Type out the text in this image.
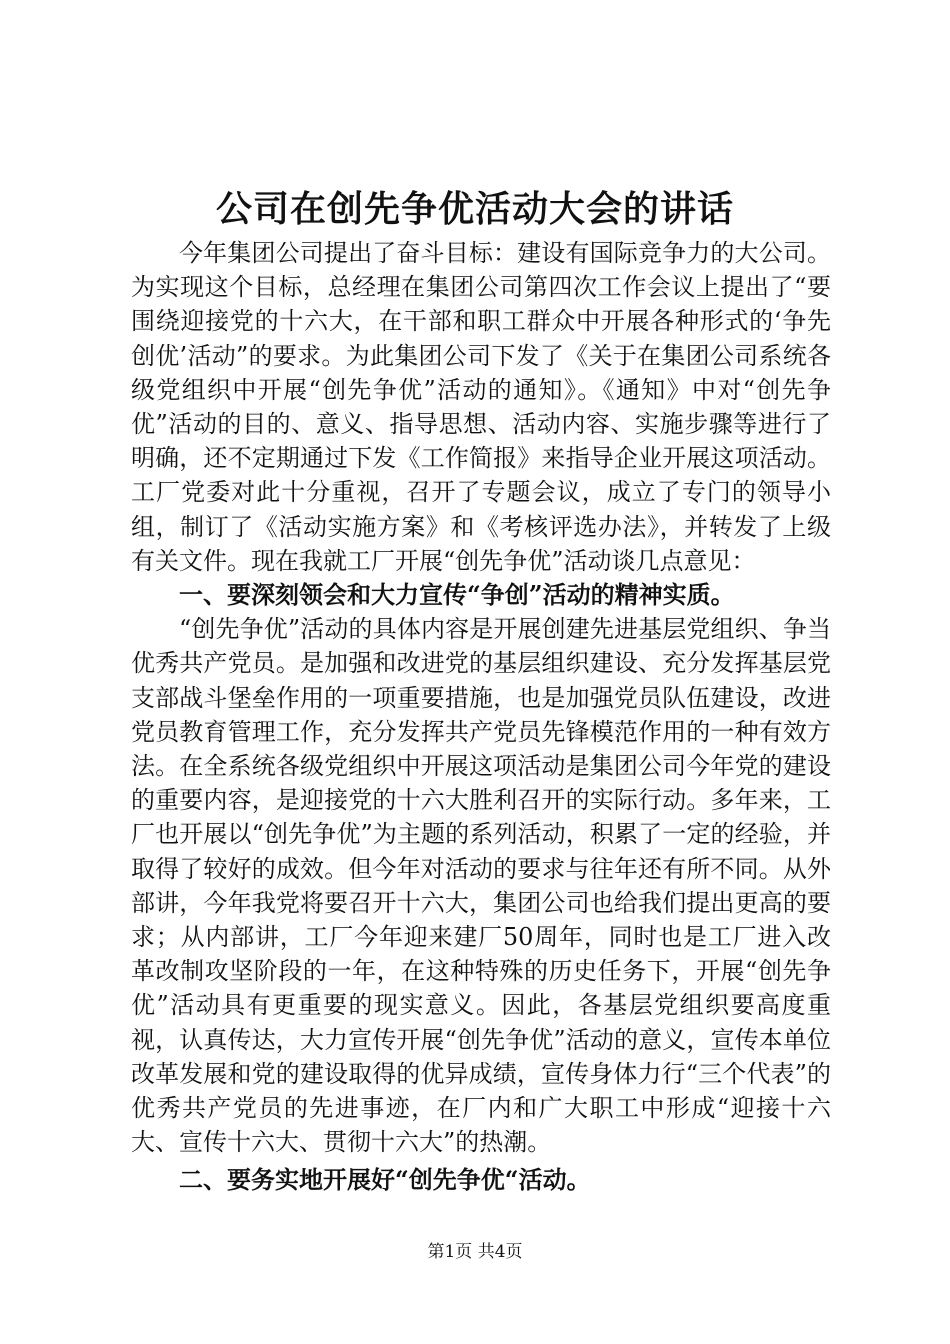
公司在创先争优活动大会的讲话

今年集团公司提出了奋斗目标：建设有国际竞争力的大公司。为实现这个目标，总经理在集团公司第四次工作会议上提出了“要围绕迎接党的十六大，在干部和职工群众中开展各种形式的‘争先创优’活动”的要求。为此集团公司下发了《关于在集团公司系统各级党组织中开展“创先争优”活动的通知》。《通知》中对“创先争优”活动的目的、意义、指导思想、活动内容、实施步骤等进行了明确，还不定期通过下发《工作简报》来指导企业开展这项活动。工厂党委对此十分重视，召开了专题会议，成立了专门的领导小组，制订了《活动实施方案》和《考核评选办法》，并转发了上级有关文件。现在我就工厂开展“创先争优”活动谈几点意见：

一、要深刻领会和大力宣传“争创”活动的精神实质。

“创先争优”活动的具体内容是开展创建先进基层党组织、争当优秀共产党员。是加强和改进党的基层组织建设、充分发挥基层党支部战斗堡垒作用的一项重要措施，也是加强党员队伍建设，改进党员教育管理工作，充分发挥共产党员先锋模范作用的一种有效方法。在全系统各级党组织中开展这项活动是集团公司今年党的建设的重要内容，是迎接党的十六大胜利召开的实际行动。多年来，工厂也开展以“创先争优”为主题的系列活动，积累了一定的经验，并取得了较好的成效。但今年对活动的要求与往年还有所不同。从外部讲，今年我党将要召开十六大，集团公司也给我们提出更高的要求；从内部讲，工厂今年迎来建厂50周年，同时也是工厂进入改革改制攻坚阶段的一年，在这种特殊的历史任务下，开展“创先争优”活动具有更重要的现实意义。因此，各基层党组织要高度重视，认真传达，大力宣传开展“创先争优”活动的意义，宣传本单位改革发展和党的建设取得的优异成绩，宣传身体力行“三个代表”的优秀共产党员的先进事迹，在厂内和广大职工中形成“迎接十六大、宣传十六大、贯彻十六大”的热潮。

二、要务实地开展好“创先争优“活动。

第1页 共4页
